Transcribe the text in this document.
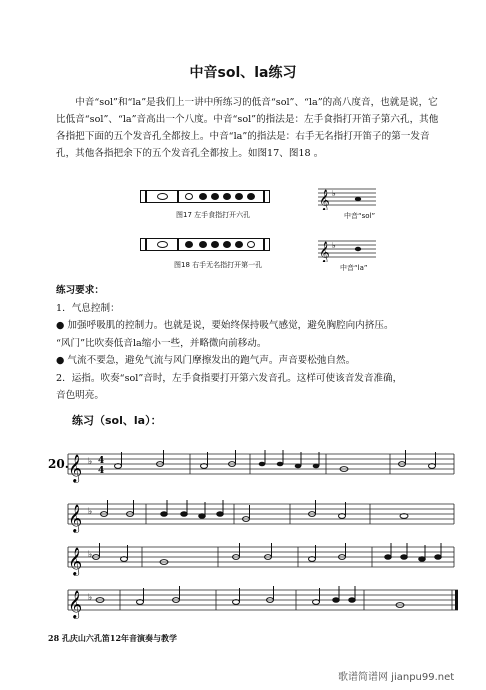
中音sol、la练习

中音“sol”和“la”是我们上一讲中所练习的低音“sol”、“la”的高八度音，也就是说，它比低音“sol”、“la”音高出一个八度。中音“sol”的指法是：左手食指打开笛子第六孔，其他各指把下面的五个发音孔全都按上。中音“la”的指法是：右手无名指打开笛子的第一发音孔，其他各指把余下的五个发音孔全都按上。如图17、图18 。

图17 左手食指打开六孔
𝄞 ♭
中音“sol”
图18 右手无名指打开第一孔
𝄞 ♭
中音“la”
练习要求：
1．气息控制：
● 加强呼吸肌的控制力。也就是说，要始终保持吸气感觉，避免胸腔向内挤压。
“风门”比吹奏低音la缩小一些，并略微向前移动。
● 气流不要急，避免气流与风门摩擦发出的跑气声。声音要松弛自然。
2．运指。吹奏“sol”音时，左手食指要打开第六发音孔。这样可使该音发音准确，
音色明亮。
练习（sol、la）：
20. 𝄞 ♭ 4
4
𝄞 ♭
𝄞 ♭
𝄞 ♭
28 孔庆山六孔笛12年音演奏与教学
歌谱简谱网 jianpu99.net
